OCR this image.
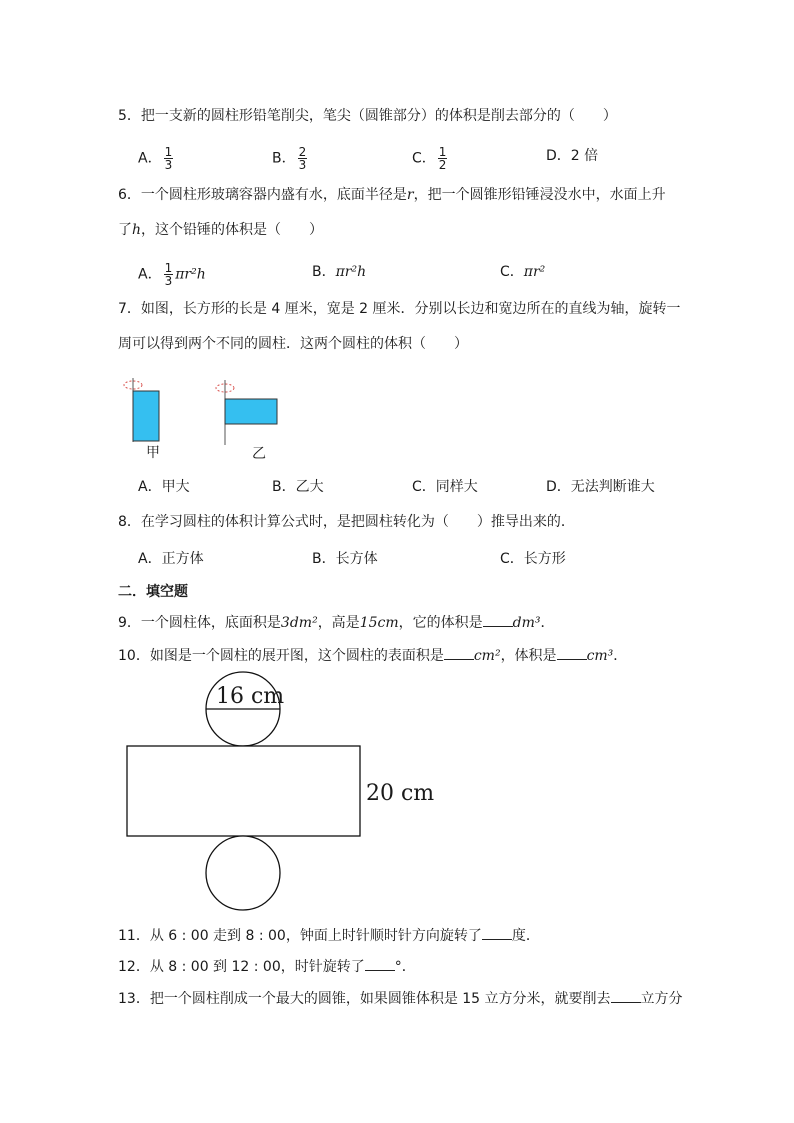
5．把一支新的圆柱形铅笔削尖，笔尖（圆锥部分）的体积是削去部分的（　　）
A． $\frac{1}{3}$	B． $\frac{2}{3}$	C． $\frac{1}{2}$	D．2 倍
6．一个圆柱形玻璃容器内盛有水，底面半径是r，把一个圆锥形铅锤浸没水中，水面上升
了h，这个铅锤的体积是（　　）
A． $\frac{1}{3} \pi r^2h$	B．πr²h	C．πr²
7．如图，长方形的长是 4 厘米，宽是 2 厘米．分别以长边和宽边所在的直线为轴，旋转一
周可以得到两个不同的圆柱．这两个圆柱的体积（　　）
甲	乙
A．甲大	B．乙大	C．同样大	D．无法判断谁大
8．在学习圆柱的体积计算公式时，是把圆柱转化为（　　）推导出来的．
A．正方体	B．长方体	C．长方形
二．填空题
9．一个圆柱体，底面积是3dm²，高是15cm，它的体积是 dm³．
10．如图是一个圆柱的展开图，这个圆柱的表面积是 cm²，体积是 cm³．
16 cm
20 cm
11．从 6 : 00 走到 8 : 00，钟面上时针顺时针方向旋转了 度．
12．从 8 : 00 到 12 : 00，时针旋转了 °．
13．把一个圆柱削成一个最大的圆锥，如果圆锥体积是 15 立方分米，就要削去 立方分
